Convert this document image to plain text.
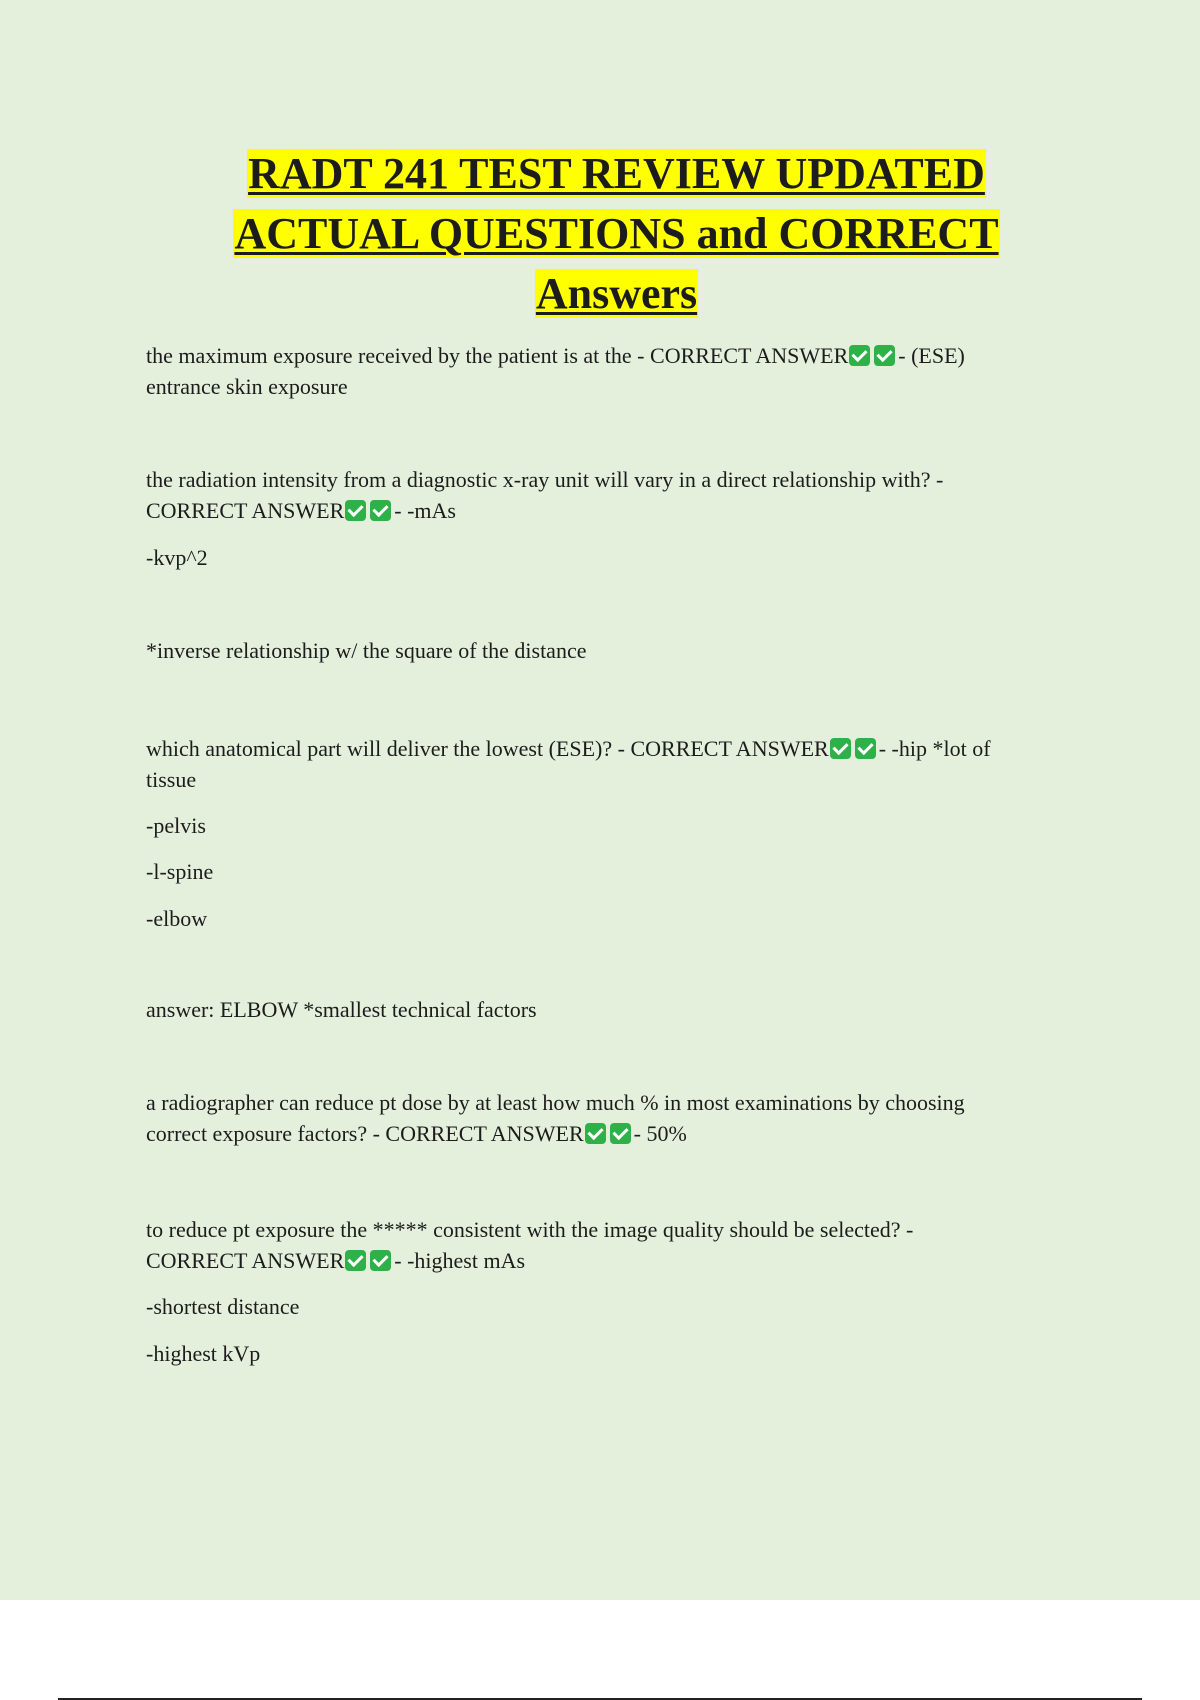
RADT 241 TEST REVIEW UPDATED
ACTUAL QUESTIONS and CORRECT
Answers
the maximum exposure received by the patient is at the - CORRECT ANSWER - (ESE)
entrance skin exposure
the radiation intensity from a diagnostic x-ray unit will vary in a direct relationship with? -
CORRECT ANSWER - -mAs
-kvp^2
*inverse relationship w/ the square of the distance
which anatomical part will deliver the lowest (ESE)? - CORRECT ANSWER - -hip *lot of
tissue
-pelvis
-l-spine
-elbow
answer: ELBOW *smallest technical factors
a radiographer can reduce pt dose by at least how much % in most examinations by choosing
correct exposure factors? - CORRECT ANSWER - 50%
to reduce pt exposure the ***** consistent with the image quality should be selected? -
CORRECT ANSWER - -highest mAs
-shortest distance
-highest kVp
